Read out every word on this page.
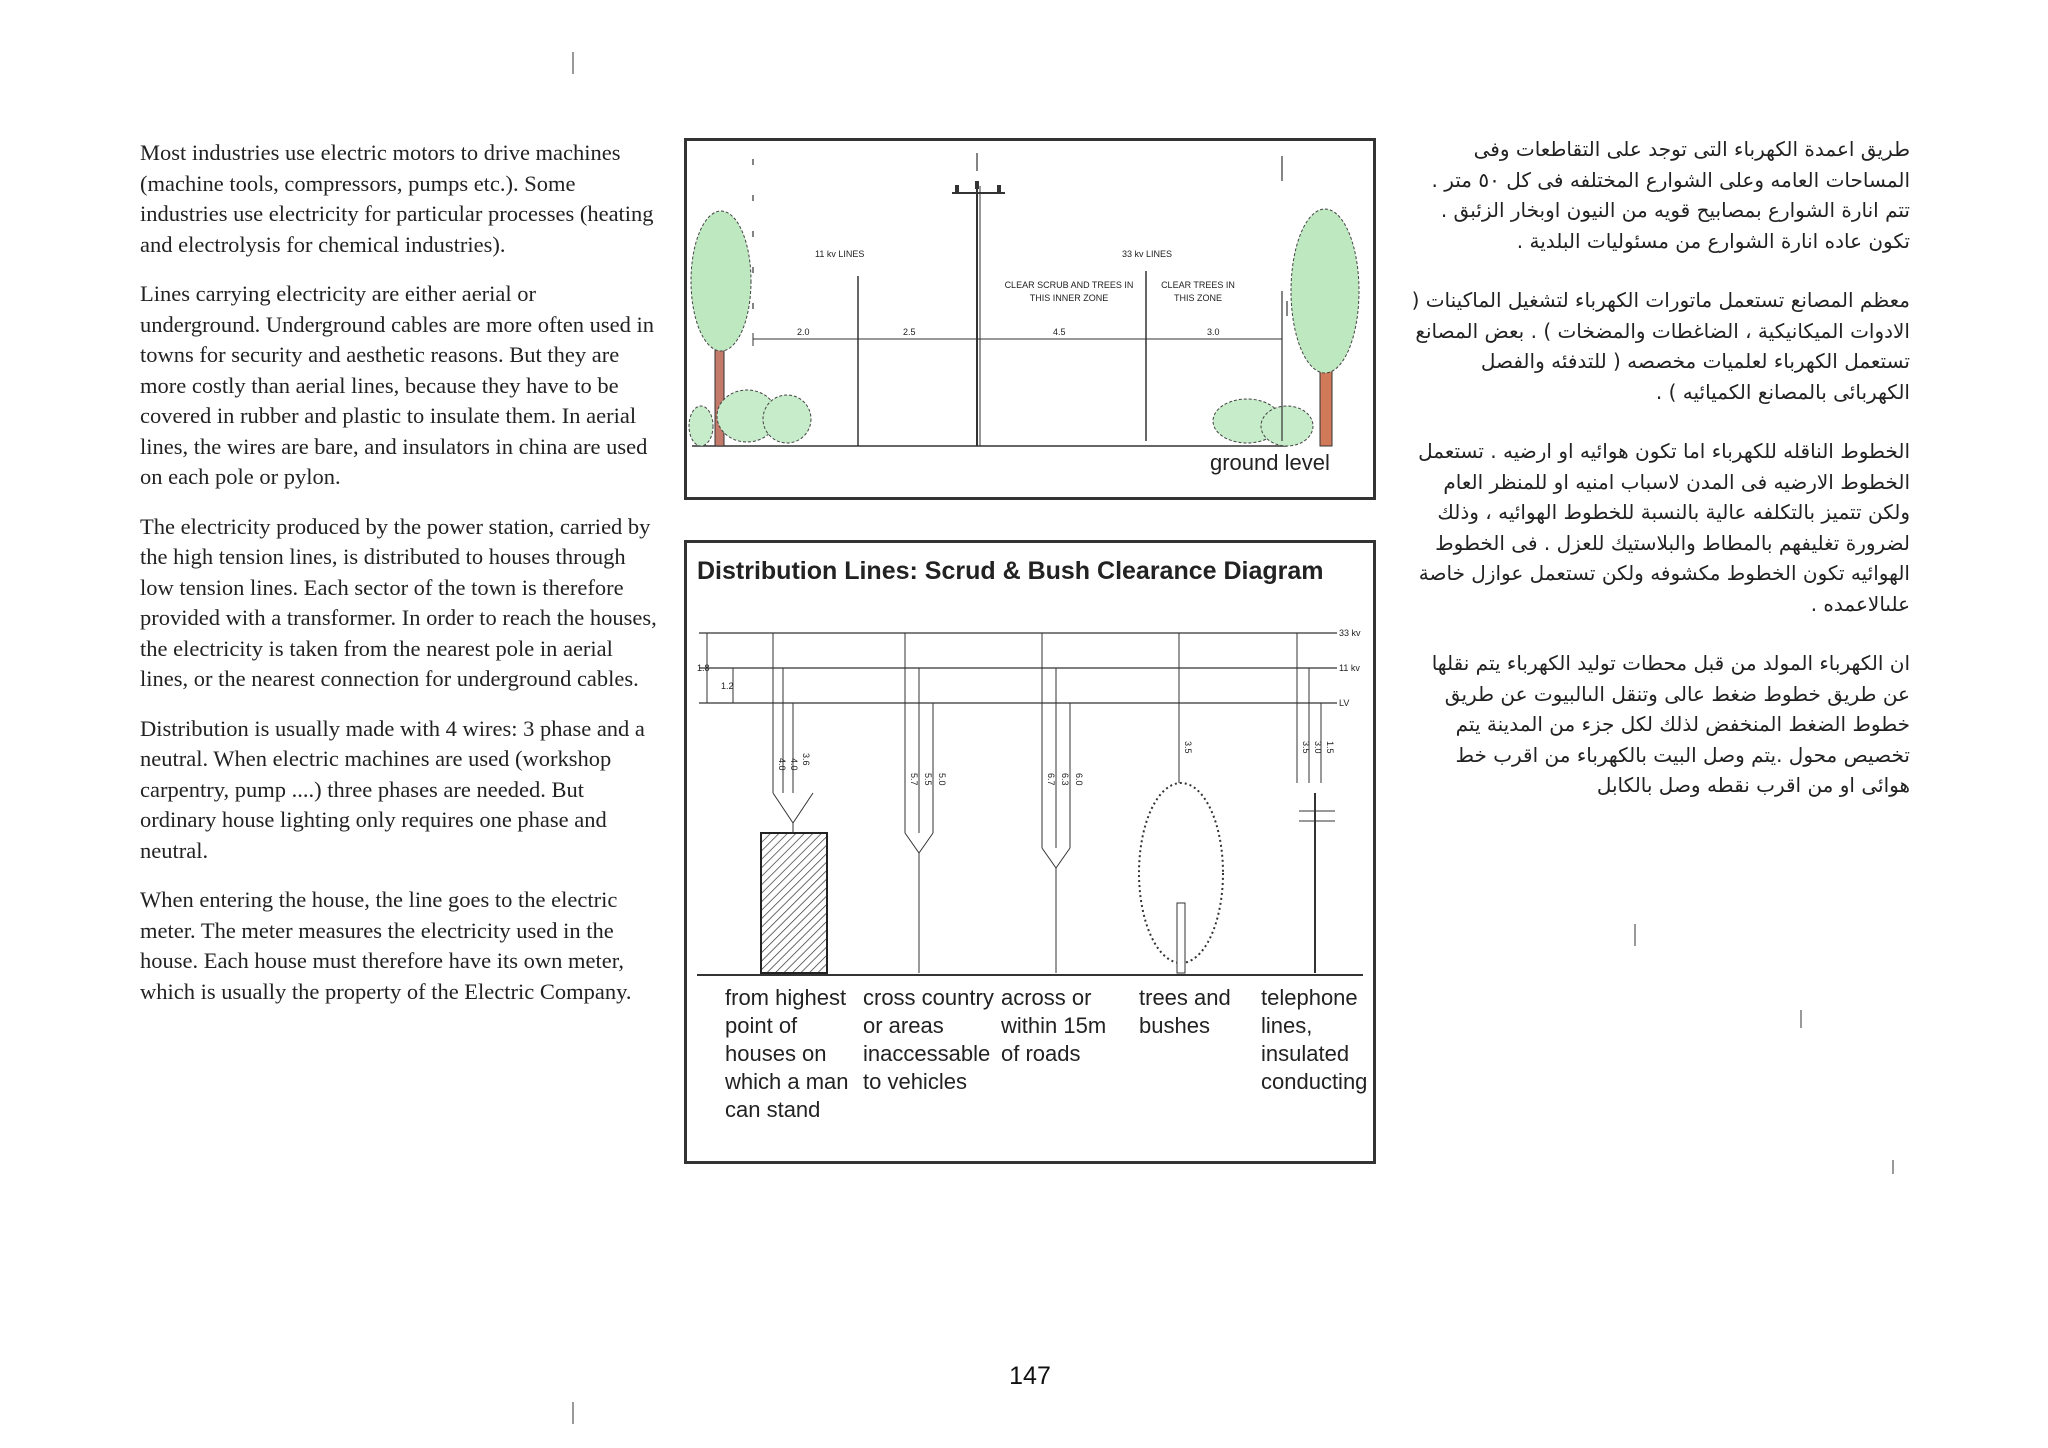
Most industries use electric motors to drive machines (machine tools, compressors, pumps etc.). Some industries use electricity for particular processes (heating and electrolysis for chemical industries).

Lines carrying electricity are either aerial or underground. Underground cables are more often used in towns for security and aesthetic reasons. But they are more costly than aerial lines, because they have to be covered in rubber and plastic to insulate them. In aerial lines, the wires are bare, and insulators in china are used on each pole or pylon.

The electricity produced by the power station, carried by the high tension lines, is distributed to houses through low tension lines. Each sector of the town is therefore provided with a transformer. In order to reach the houses, the electricity is taken from the nearest pole in aerial lines, or the nearest connection for underground cables.

Distribution is usually made with 4 wires: 3 phase and a neutral. When electric machines are used (workshop carpentry, pump ....) three phases are needed. But ordinary house lighting only requires one phase and neutral.

When entering the house, the line goes to the electric meter. The meter measures the electricity used in the house. Each house must therefore have its own meter, which is usually the property of the Electric Company.

2.0	2.5	4.5	3.0
11 kv LINES	33 kv LINES
CLEAR SCRUB AND TREES IN THIS INNER ZONE
CLEAR TREES IN THIS ZONE
ground level
Distribution Lines: Scrud & Bush Clearance Diagram
33 kv
11 kv
LV
1.8
1.2
4.0 4.0 3.6
5.7 5.5 5.0	6.7 6.3 6.0
3.5	3.5 3.0 1.5
from highest
point of
houses on
which a man
can stand
cross country
or areas
inaccessable
to vehicles
across or
within 15m
of roads
trees and
bushes
telephone
lines,
insulated
conducting

طريق اعمدة الكهرباء التى توجد على التقاطعات وفى المساحات العامه وعلى الشوارع المختلفه فى كل ٥٠ متر . تتم انارة الشوارع بمصابيح قويه من النيون اوبخار الزئبق . تكون عاده انارة الشوارع من مسئوليات البلدية .

معظم المصانع تستعمل ماتورات الكهرباء لتشغيل الماكينات ( الادوات الميكانيكية ، الضاغطات والمضخات ) . بعض المصانع تستعمل الكهرباء لعلميات مخصصه ( للتدفئه والفصل الكهربائى بالمصانع الكميائيه ) .

الخطوط الناقله للكهرباء اما تكون هوائيه او ارضيه . تستعمل الخطوط الارضيه فى المدن لاسباب امنيه او للمنظر العام ولكن تتميز بالتكلفه عالية بالنسبة للخطوط الهوائيه ، وذلك لضرورة تغليفهم بالمطاط والبلاستيك للعزل . فى الخطوط الهوائيه تكون الخطوط مكشوفه ولكن تستعمل عوازل خاصة علىالاعمده .

ان الكهرباء المولد من قبل محطات توليد الكهرباء يتم نقلها عن طريق خطوط ضغط عالى وتنقل الىالبيوت عن طريق خطوط الضغط المنخفض لذلك لكل جزء من المدينة يتم تخصيص محول .يتم وصل البيت بالكهرباء من اقرب خط هوائى او من اقرب نقطه وصل بالكابل

147
